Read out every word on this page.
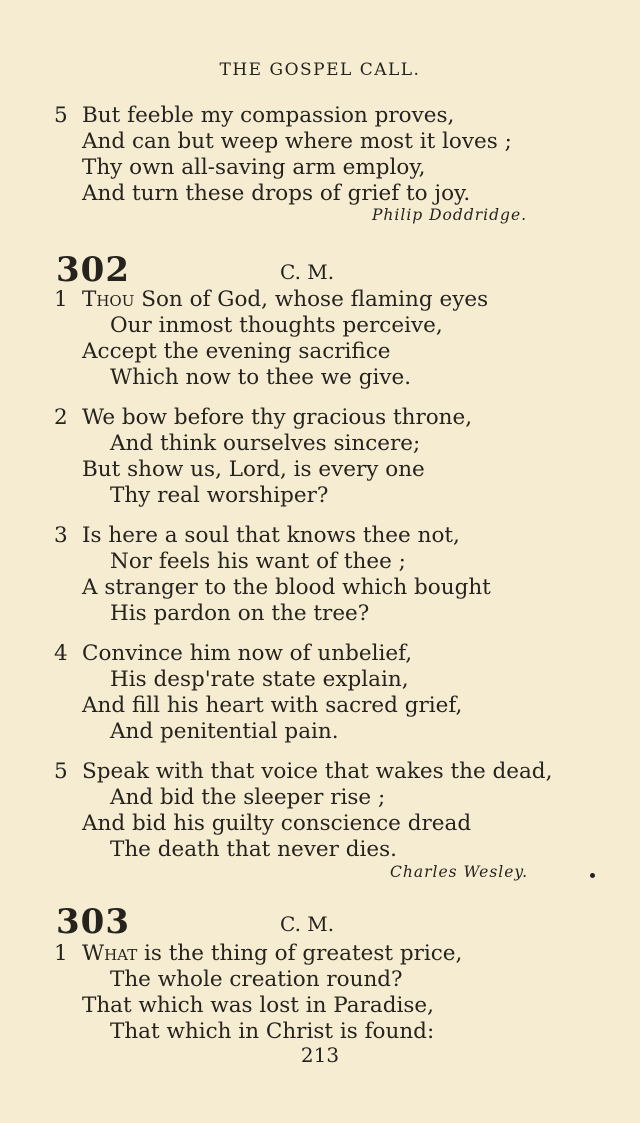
THE GOSPEL CALL.
5 But feeble my compassion proves,
And can but weep where most it loves ;
Thy own all-saving arm employ,
And turn these drops of grief to joy.
Philip Doddridge.
302	C. M.
1 Thou Son of God, whose flaming eyes
Our inmost thoughts perceive,
Accept the evening sacrifice
Which now to thee we give.
2 We bow before thy gracious throne,
And think ourselves sincere;
But show us, Lord, is every one
Thy real worshiper?
3 Is here a soul that knows thee not,
Nor feels his want of thee ;
A stranger to the blood which bought
His pardon on the tree?
4 Convince him now of unbelief,
His desp'rate state explain,
And fill his heart with sacred grief,
And penitential pain.
5 Speak with that voice that wakes the dead,
And bid the sleeper rise ;
And bid his guilty conscience dread
The death that never dies.
Charles Wesley.
303	C. M.
1 What is the thing of greatest price,
The whole creation round?
That which was lost in Paradise,
That which in Christ is found:
213
